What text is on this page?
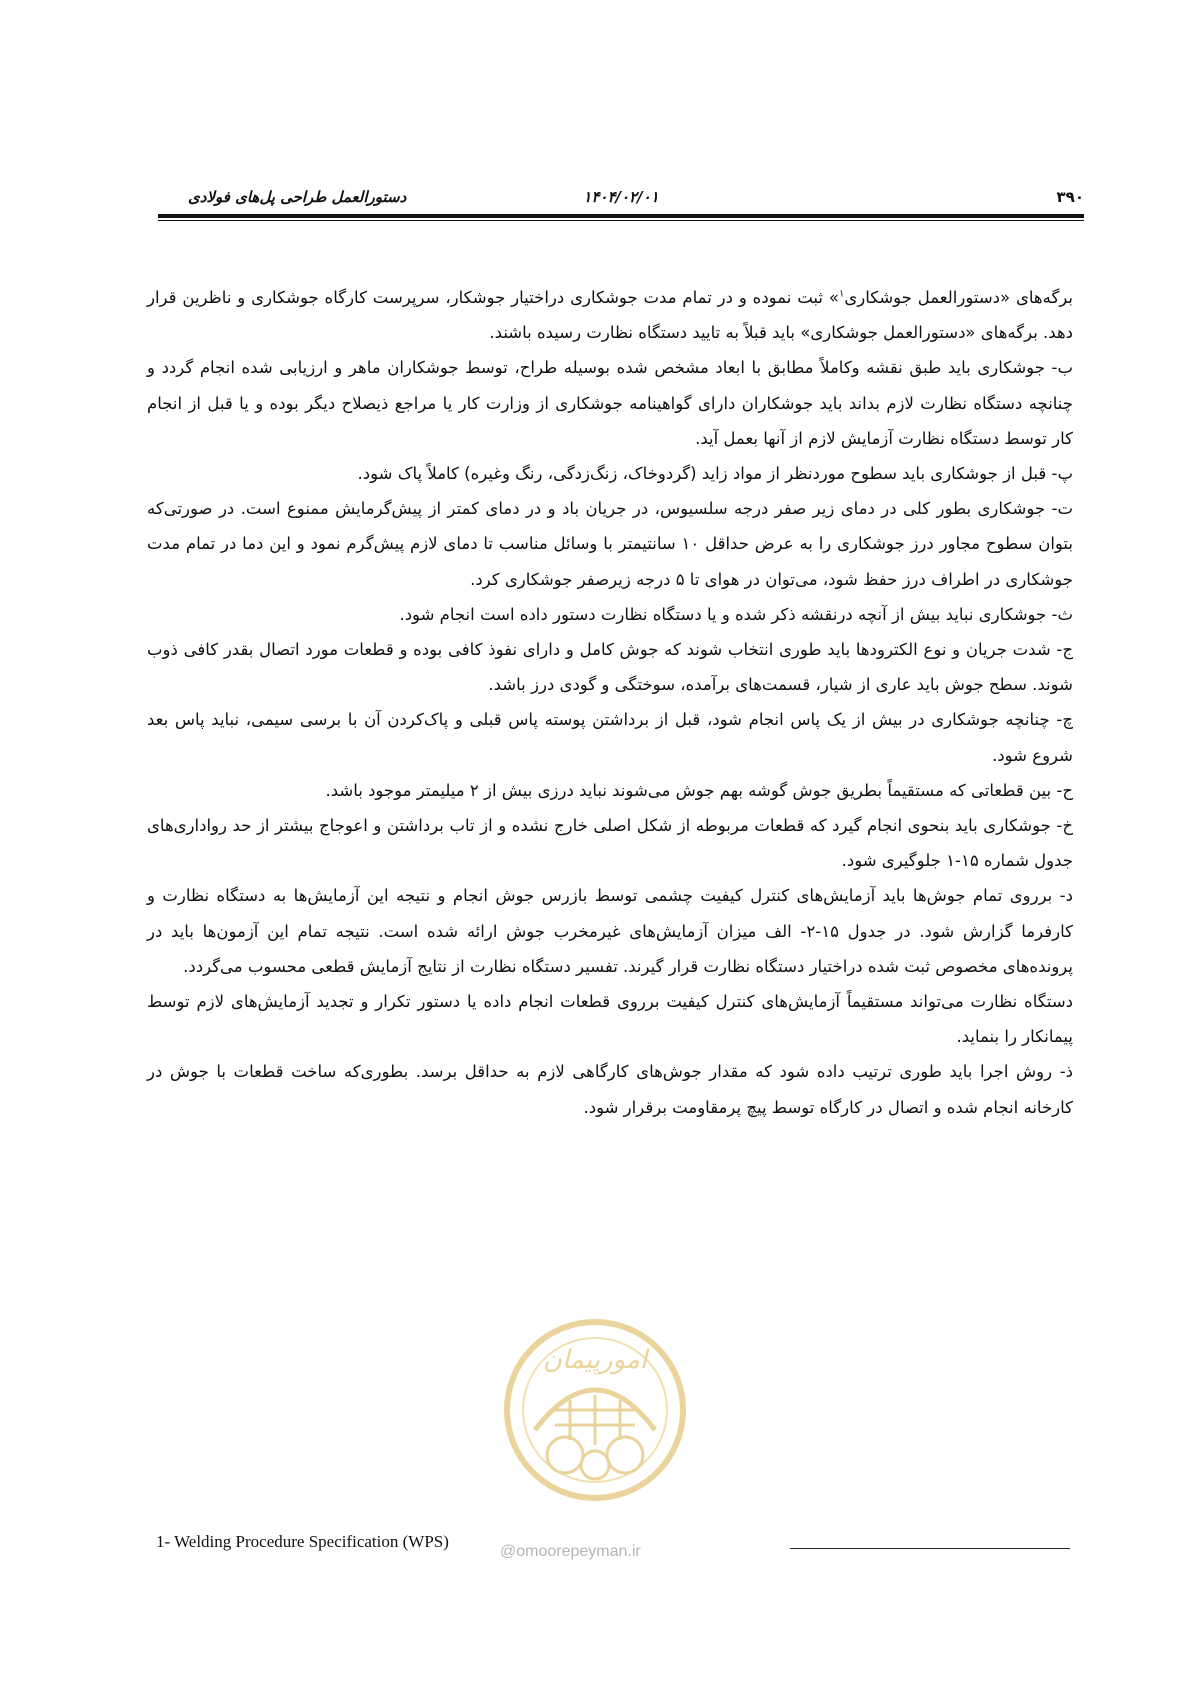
۳۹۰
۱۴۰۴/۰۲/۰۱
دستورالعمل طراحی پل‌های فولادی

برگه‌های «دستورالعمل جوشکاری$^۱$» ثبت نموده و در تمام مدت جوشکاری دراختیار جوشکار، سرپرست کارگاه جوشکاری و ناظرین قرار دهد. برگه‌های «دستورالعمل جوشکاری» باید قبلاً به تایید دستگاه نظارت رسیده باشند.

ب- جوشکاری باید طبق نقشه وکاملاً مطابق با ابعاد مشخص شده بوسیله طراح، توسط جوشکاران ماهر و ارزیابی شده انجام گردد و چنانچه دستگاه نظارت لازم بداند باید جوشکاران دارای گواهینامه جوشکاری از وزارت کار یا مراجع ذیصلاح دیگر بوده و یا قبل از انجام کار توسط دستگاه نظارت آزمایش لازم از آنها بعمل آید.

پ- قبل از جوشکاری باید سطوح موردنظر از مواد زاید (گردوخاک، زنگ‌زدگی، رنگ وغیره) کاملاً پاک شود.

ت- جوشکاری بطور کلی در دمای زیر صفر درجه سلسیوس، در جریان باد و در دمای کمتر از پیش‌گرمایش ممنوع است. در صورتی‌که بتوان سطوح مجاور درز جوشکاری را به عرض حداقل ۱۰ سانتیمتر با وسائل مناسب تا دمای لازم پیش‌گرم نمود و این دما در تمام مدت جوشکاری در اطراف درز حفظ شود، می‌توان در هوای تا ۵ درجه زیرصفر جوشکاری کرد.

ث- جوشکاری نباید بیش از آنچه درنقشه ذکر شده و یا دستگاه نظارت دستور داده است انجام شود.

ج- شدت جریان و نوع الکترودها باید طوری انتخاب شوند که جوش کامل و دارای نفوذ کافی بوده و قطعات مورد اتصال بقدر کافی ذوب شوند. سطح جوش باید عاری از شیار، قسمت‌های برآمده، سوختگی و گودی درز باشد.

چ- چنانچه جوشکاری در بیش از یک پاس انجام شود، قبل از برداشتن پوسته پاس قبلی و پاک‌کردن آن با برسی سیمی، نباید پاس بعد شروع شود.

ح- بین قطعاتی که مستقیماً بطریق جوش گوشه بهم جوش می‌شوند نباید درزی بیش از ۲ میلیمتر موجود باشد.

خ- جوشکاری باید بنحوی انجام گیرد که قطعات مربوطه از شکل اصلی خارج نشده و از تاب برداشتن و اعوجاج بیشتر از حد رواداری‌های جدول شماره ۱۵-۱ جلوگیری شود.

د- برروی تمام جوش‌ها باید آزمایش‌های کنترل کیفیت چشمی توسط بازرس جوش انجام و نتیجه این آزمایش‌ها به دستگاه نظارت و کارفرما گزارش شود. در جدول ۱۵-۲- الف میزان آزمایش‌های غیرمخرب جوش ارائه شده است. نتیجه تمام این آزمون‌ها باید در پرونده‌های مخصوص ثبت شده دراختیار دستگاه نظارت قرار گیرند. تفسیر دستگاه نظارت از نتایج آزمایش قطعی محسوب می‌گردد.

دستگاه نظارت می‌تواند مستقیماً آزمایش‌های کنترل کیفیت برروی قطعات انجام داده یا دستور تکرار و تجدید آزمایش‌های لازم توسط پیمانکار را بنماید.

ذ- روش اجرا باید طوری ترتیب داده شود که مقدار جوش‌های کارگاهی لازم به حداقل برسد. بطوری‌که ساخت قطعات با جوش در کارخانه انجام شده و اتصال در کارگاه توسط پیچ پرمقاومت برقرار شود.

امورپیمان
1- Welding Procedure Specification (WPS)
@omoorepeyman.ir
